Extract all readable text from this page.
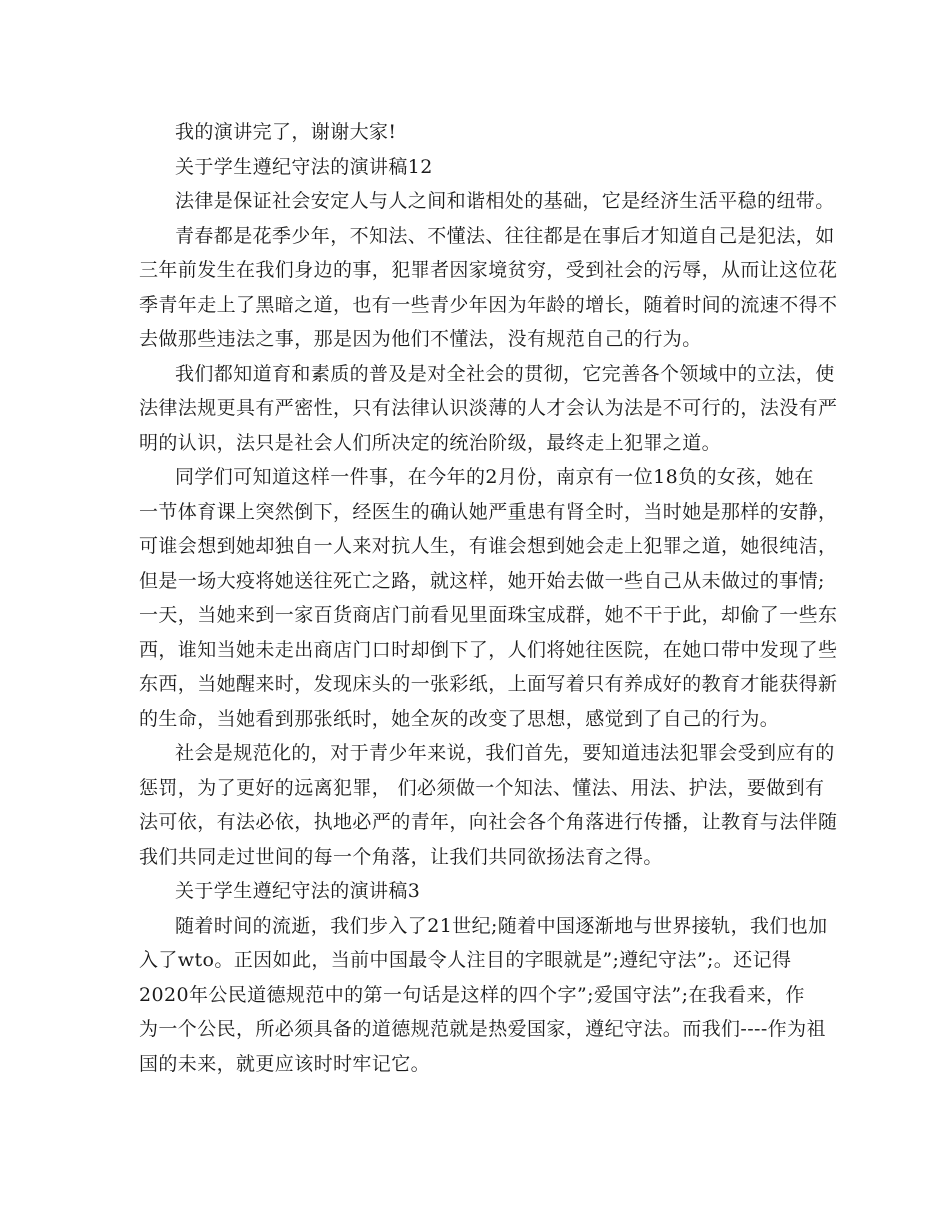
我的演讲完了，谢谢大家!

关于学生遵纪守法的演讲稿12

法律是保证社会安定人与人之间和谐相处的基础，它是经济生活平稳的纽带。

青春都是花季少年，不知法、不懂法、往往都是在事后才知道自己是犯法，如
三年前发生在我们身边的事，犯罪者因家境贫穷，受到社会的污辱，从而让这位花
季青年走上了黑暗之道，也有一些青少年因为年龄的增长，随着时间的流速不得不
去做那些违法之事，那是因为他们不懂法，没有规范自己的行为。

我们都知道育和素质的普及是对全社会的贯彻，它完善各个领域中的立法，使
法律法规更具有严密性，只有法律认识淡薄的人才会认为法是不可行的，法没有严
明的认识，法只是社会人们所决定的统治阶级，最终走上犯罪之道。

同学们可知道这样一件事，在今年的2月份，南京有一位18负的女孩，她在
一节体育课上突然倒下，经医生的确认她严重患有肾全时，当时她是那样的安静，
可谁会想到她却独自一人来对抗人生，有谁会想到她会走上犯罪之道，她很纯洁，
但是一场大疫将她送往死亡之路，就这样，她开始去做一些自己从未做过的事情;
一天，当她来到一家百货商店门前看见里面珠宝成群，她不干于此，却偷了一些东
西，谁知当她未走出商店门口时却倒下了，人们将她往医院，在她口带中发现了些
东西，当她醒来时，发现床头的一张彩纸，上面写着只有养成好的教育才能获得新
的生命，当她看到那张纸时，她全灰的改变了思想，感觉到了自己的行为。

社会是规范化的，对于青少年来说，我们首先，要知道违法犯罪会受到应有的
惩罚，为了更好的远离犯罪， 们必须做一个知法、懂法、用法、护法，要做到有
法可依，有法必依，执地必严的青年，向社会各个角落进行传播，让教育与法伴随
我们共同走过世间的每一个角落，让我们共同欲扬法育之得。

关于学生遵纪守法的演讲稿3

随着时间的流逝，我们步入了21世纪;随着中国逐渐地与世界接轨，我们也加
入了wto。正因如此，当前中国最令人注目的字眼就是”;遵纪守法”;。还记得
2020年公民道德规范中的第一句话是这样的四个字”;爱国守法”;在我看来，作
为一个公民，所必须具备的道德规范就是热爱国家，遵纪守法。而我们----作为祖
国的未来，就更应该时时牢记它。
